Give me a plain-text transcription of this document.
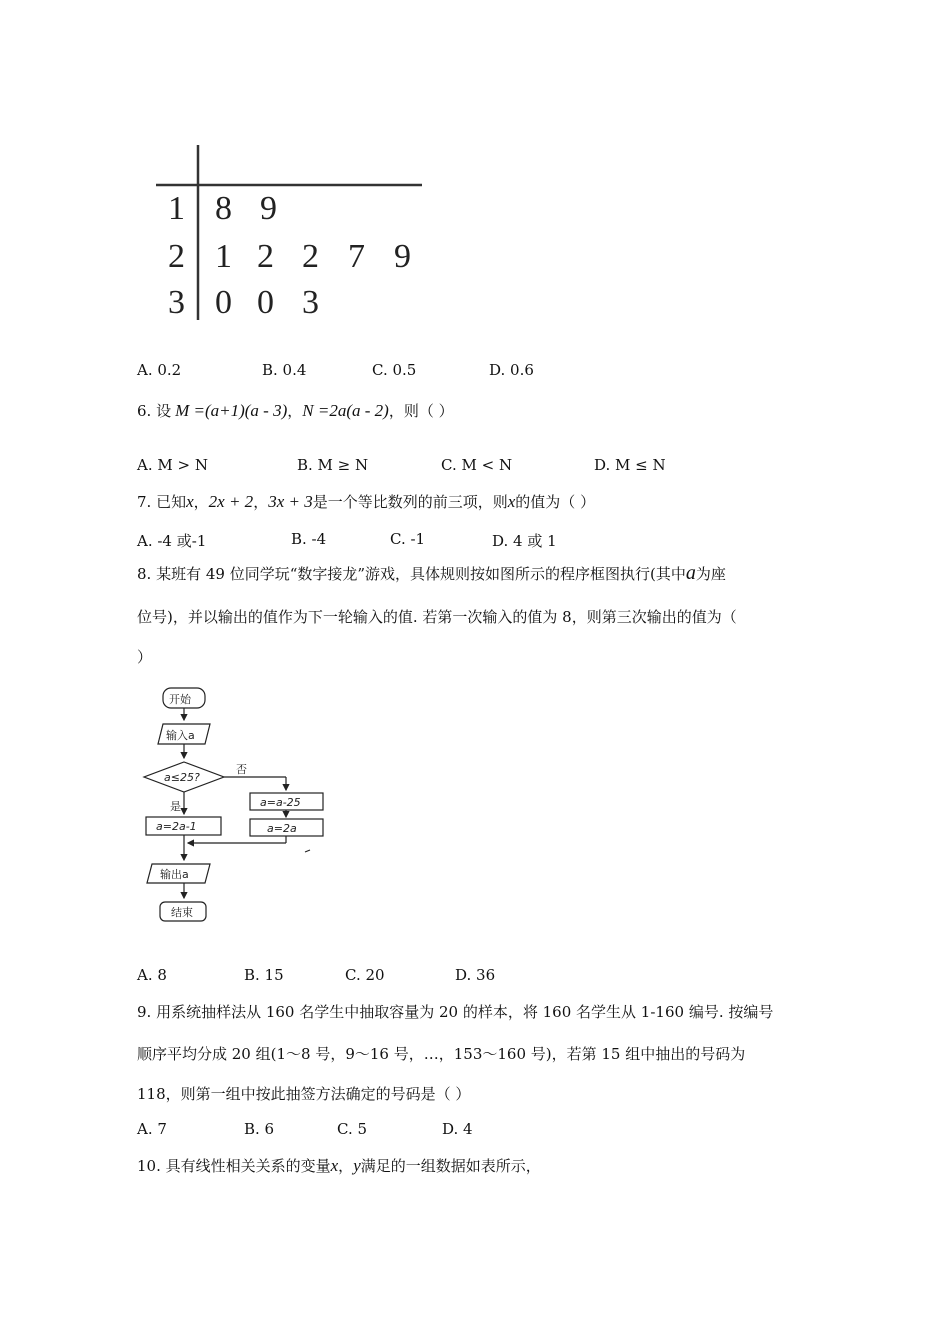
1 8 9
2 1 2 2 7 9
3 0 0 3
A. 0.2	B. 0.4	C. 0.5	D. 0.6
6. 设 M =(a+1)(a - 3)，N =2a(a - 2)，则（ ）
A. M > N	B. M ≥ N	C. M < N	D. M ≤ N
7. 已知x，2x + 2，3x + 3是一个等比数列的前三项，则x的值为（ ）
A. -4 或-1	B. -4	C. -1	D. 4 或 1
8. 某班有 49 位同学玩“数字接龙”游戏，具体规则按如图所示的程序框图执行(其中a为座
位号)，并以输出的值作为下一轮输入的值. 若第一次输入的值为 8，则第三次输出的值为（
）
开始
输入a
a≤25?
否
是
a=2a-1
a=a-25
a=2a
输出a
结束
A. 8	B. 15	C. 20	D. 36
9. 用系统抽样法从 160 名学生中抽取容量为 20 的样本，将 160 名学生从 1-160 编号. 按编号
顺序平均分成 20 组(1～8 号，9～16 号，…，153～160 号)，若第 15 组中抽出的号码为
118，则第一组中按此抽签方法确定的号码是（ ）
A. 7	B. 6	C. 5	D. 4
10. 具有线性相关关系的变量x，y满足的一组数据如表所示，
